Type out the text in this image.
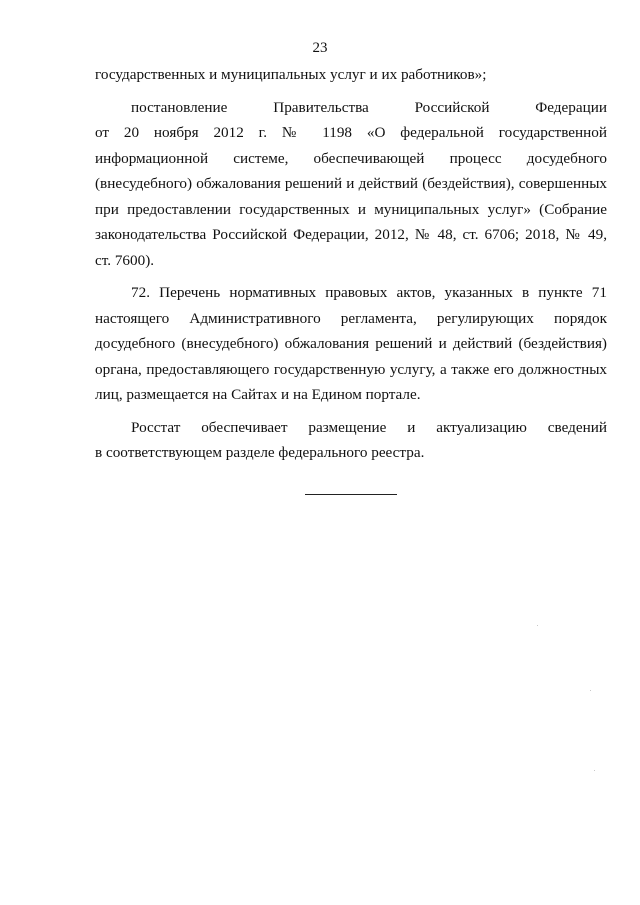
23
государственных и муниципальных услуг и их работников»;
постановление Правительства Российской Федерации
от 20 ноября 2012 г. № 1198 «О федеральной государственной
информационной системе, обеспечивающей процесс досудебного
(внесудебного) обжалования решений и действий (бездействия), совершенных
при предоставлении государственных и муниципальных услуг» (Собрание
законодательства Российской Федерации, 2012, № 48, ст. 6706; 2018, № 49,
ст. 7600).
72. Перечень нормативных правовых актов, указанных в пункте 71
настоящего Административного регламента, регулирующих порядок
досудебного (внесудебного) обжалования решений и действий (бездействия)
органа, предоставляющего государственную услугу, а также его должностных
лиц, размещается на Сайтах и на Едином портале.
Росстат обеспечивает размещение и актуализацию сведений
в соответствующем разделе федерального реестра.
